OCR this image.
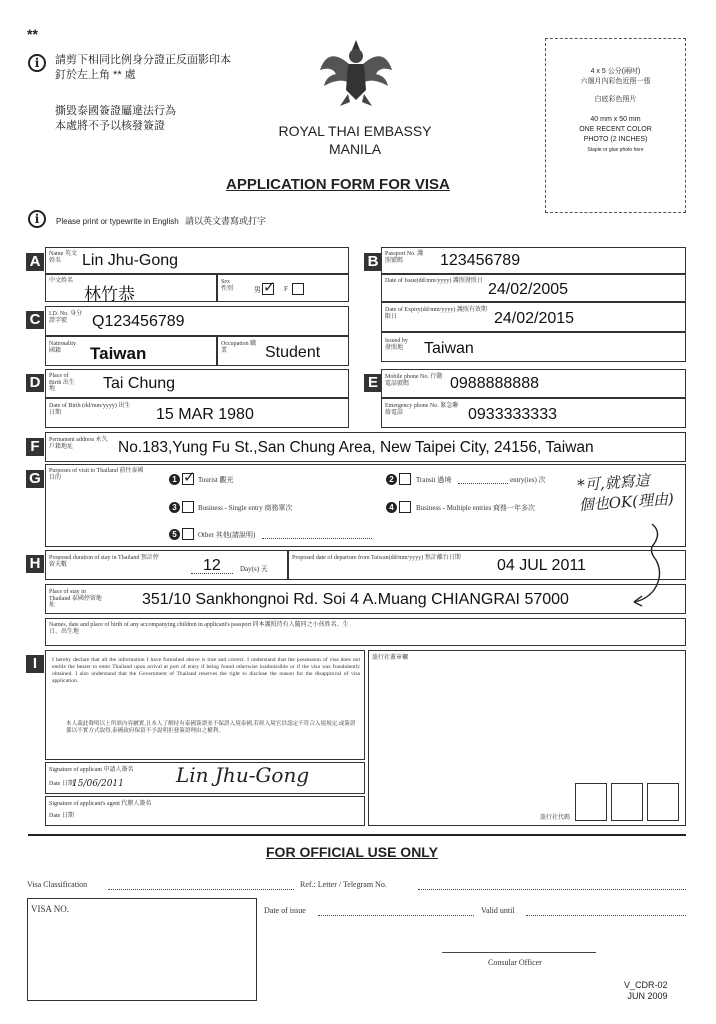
**
i	請剪下相同比例身分證正反面影印本
釘於左上角 ** 處
撕毀泰國簽證屬違法行為
本處將不予以核發簽證	ROYAL THAI EMBASSY
MANILA
APPLICATION FORM FOR VISA
i	Please print or typewrite in English 請以英文書寫或打字
4 x 5 公分(兩吋)
六個月內彩色近照一張
白底彩色照片
40 mm x 50 mm
ONE RECENT COLOR
PHOTO (2 INCHES)
Staple or glue photo here
A	Name 英文姓名	Lin Jhu-Gong
中文姓名
林竹恭
Sex 性別	男 ✓ F
B	Passport No. 護照號碼	123456789
Date of Issue(dd/mm/yyyy) 護照發照日 24/02/2005
Date of Expiry(dd/mm/yyyy) 護照有效期限日	24/02/2015
Issued by 發照地	Taiwan
C	I.D. No. 身分證字號	Q123456789
Nationality 國籍	Taiwan	Occupation 職業	Student
D	Place of Birth 出生地	Tai Chung
Date of Birth (dd/mm/yyyy) 出生日期	15 MAR 1980
E	Mobile phone No. 行動電話號碼	0988888888
Emergency phone No. 緊急聯絡電話	0933333333
F	Permanent address 永久戶籍地址	No.183,Yung Fu St.,San Chung Area, New Taipei City, 24156, Taiwan
G	Purposes of visit to Thailand 前往泰國目的	1 ✓ Tourist 觀光	2	Transit 過境	entry(ies) 次
3	Business - Single entry 商務單次	4	Business - Multiple entries 商務一年多次
5	Other 其他(請說明)
*可,就寫這
個也OK(理由)
H	Proposed duration of stay in Thailand 預計停留天數	12	Day(s) 天
Proposed date of departure from Taiwan(dd/mm/yyyy) 預計離台日期	04 JUL 2011
Place of stay in Thailand 泰國停留地址	351/10 Sankhongnoi Rd. Soi 4 A.Muang CHIANGRAI 57000
Names, date and place of birth of any accompanying children in applicant's passport 同本護照持有人隨同之小孩姓名、生日、出生地
I	I hereby declare that all the information I have furnished above is true and correct. I understand that the possession of visa does not entitle the bearer to enter Thailand upon arrival at port of entry if being found otherwise inadmissible or if the visa was fraudulently obtained. I also understand that the Government of Thailand reserves the right to disclose the reason for the disapproval of visa application.
本人茲此聲明以上所填內容屬實,且本人了解持有泰國簽證並不保證入境泰國,若經入境官員認定不符合入境規定,或簽證係以不實方式取得,泰國政府保留不予說明拒發簽證理由之權利。
Signature of applicant 申請人簽名
Date 日期
15/06/2011	Lin Jhu-Gong
Signature of applicant's agent 代辦人簽名
Date 日期
旅行社蓋章欄
旅行社代碼
FOR OFFICIAL USE ONLY
Visa Classification	Ref.: Letter / Telegram No.
VISA NO.	Date of issue	Valid until
Consular Officer
V_CDR-02
JUN 2009
